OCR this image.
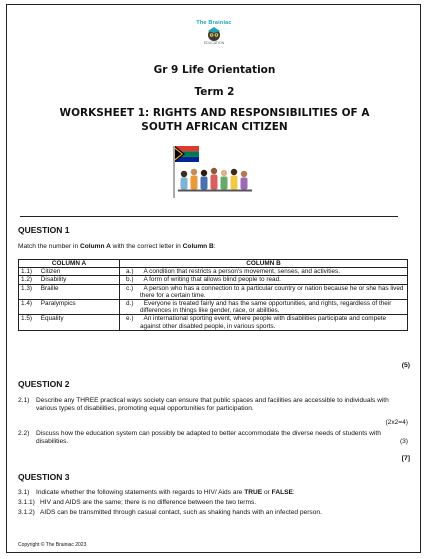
The Brainiac
EDUCATION
Gr 9 Life Orientation
Term 2
WORKSHEET 1: RIGHTS AND RESPONSIBILITIES OF A SOUTH AFRICAN CITIZEN
QUESTION 1
Match the number in Column A with the correct letter in Column B:
COLUMN A	COLUMN B
1.1) Citizen	a.) A condition that restricts a person's movement, senses, and activities.
1.2) Disability	b.) A form of writing that allows blind people to read.
1.3) Braille	c.) A person who has a connection to a particular country or nation because he or she has lived there for a certain time.
1.4) Paralympics	d.) Everyone is treated fairly and has the same opportunities, and rights, regardless of their differences in things like gender, race, or abilities.
1.5) Equality	e.) An international sporting event, where people with disabilities participate and compete against other disabled people, in various sports.
(5)
QUESTION 2
2.1) Describe any THREE practical ways society can ensure that public spaces and facilities are accessible to individuals with various types of disabilities, promoting equal opportunities for participation.
(2x2=4)
2.2) Discuss how the education system can possibly be adapted to better accommodate the diverse needs of students with disabilities.	(3)
[7]
QUESTION 3
3.1) Indicate whether the following statements with regards to HIV/ Aids are TRUE or FALSE:
3.1.1) HIV and AIDS are the same; there is no difference between the two terms.
3.1.2) AIDS can be transmitted through casual contact, such as shaking hands with an infected person.
Copyright © The Brainiac 2023
